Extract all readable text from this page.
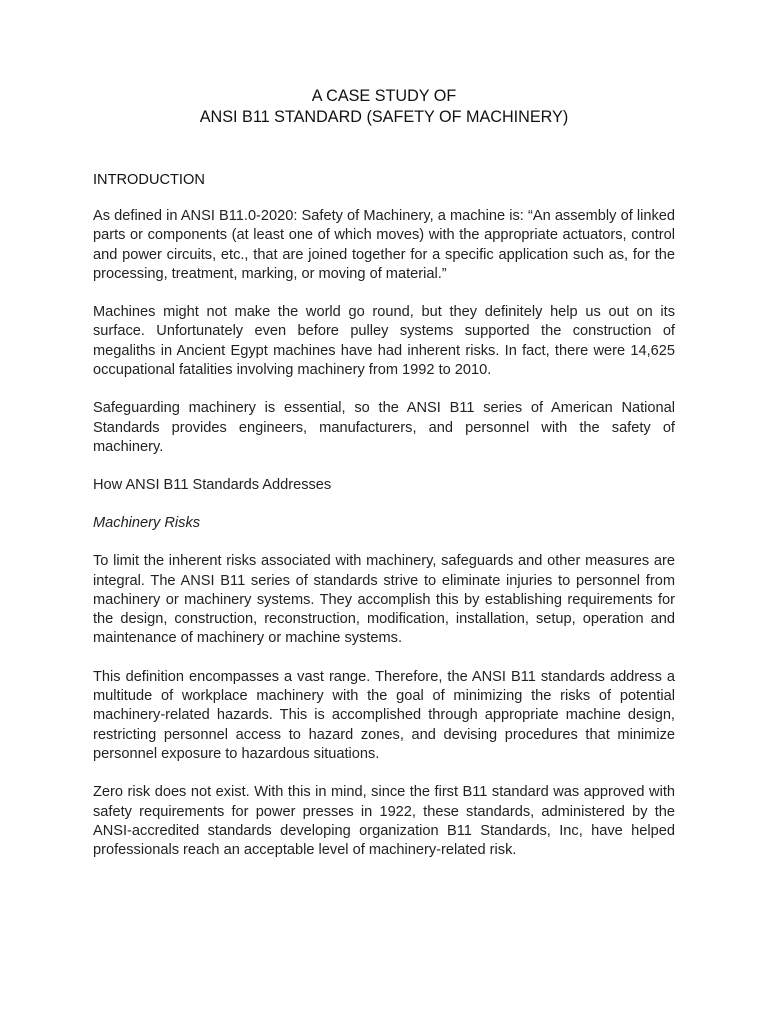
A CASE STUDY OF
ANSI B11 STANDARD (SAFETY OF MACHINERY)
INTRODUCTION

As defined in ANSI B11.0-2020: Safety of Machinery, a machine is: “An assembly of linked parts or components (at least one of which moves) with the appropriate actuators, control and power circuits, etc., that are joined together for a specific application such as, for the processing, treatment, marking, or moving of material.”

Machines might not make the world go round, but they definitely help us out on its surface. Unfortunately even before pulley systems supported the construction of megaliths in Ancient Egypt machines have had inherent risks. In fact, there were 14,625 occupational fatalities involving machinery from 1992 to 2010.

Safeguarding machinery is essential, so the ANSI B11 series of American National Standards provides engineers, manufacturers, and personnel with the safety of machinery.

How ANSI B11 Standards Addresses
Machinery Risks

To limit the inherent risks associated with machinery, safeguards and other measures are integral. The ANSI B11 series of standards strive to eliminate injuries to personnel from machinery or machinery systems. They accomplish this by establishing requirements for the design, construction, reconstruction, modification, installation, setup, operation and maintenance of machinery or machine systems.

This definition encompasses a vast range. Therefore, the ANSI B11 standards address a multitude of workplace machinery with the goal of minimizing the risks of potential machinery-related hazards. This is accomplished through appropriate machine design, restricting personnel access to hazard zones, and devising procedures that minimize personnel exposure to hazardous situations.

Zero risk does not exist. With this in mind, since the first B11 standard was approved with safety requirements for power presses in 1922, these standards, administered by the ANSI-accredited standards developing organization B11 Standards, Inc, have helped professionals reach an acceptable level of machinery-related risk.
